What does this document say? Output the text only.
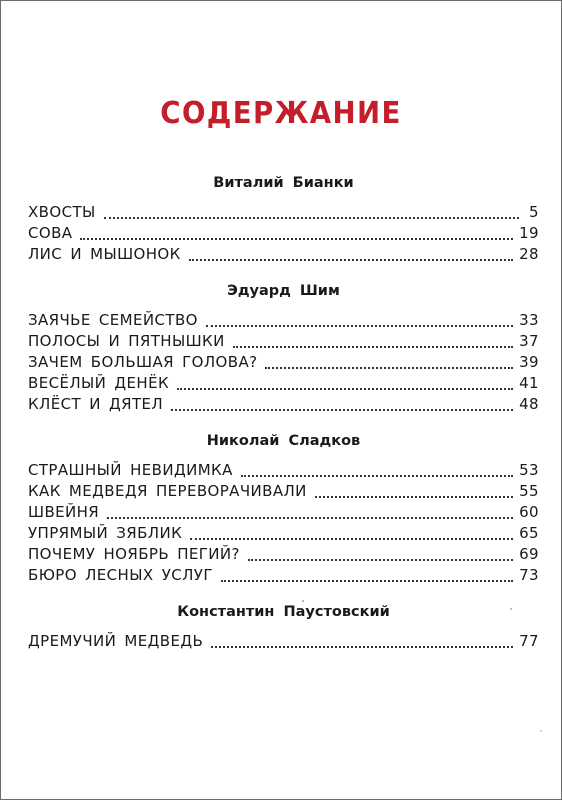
СОДЕРЖАНИЕ
Виталий Бианки
ХВОСТЫ	5
СОВА	19
ЛИС И МЫШОНОК	28
Эдуард Шим
ЗАЯЧЬЕ СЕМЕЙСТВО	33
ПОЛОСЫ И ПЯТНЫШКИ	37
ЗАЧЕМ БОЛЬШАЯ ГОЛОВА?	39
ВЕСЁЛЫЙ ДЕНЁК	41
КЛЁСТ И ДЯТЕЛ	48
Николай Сладков
СТРАШНЫЙ НЕВИДИМКА	53
КАК МЕДВЕДЯ ПЕРЕВОРАЧИВАЛИ	55
ШВЕЙНЯ	60
УПРЯМЫЙ ЗЯБЛИК	65
ПОЧЕМУ НОЯБРЬ ПЕГИЙ?	69
БЮРО ЛЕСНЫХ УСЛУГ	73
Константин Паустовский
ДРЕМУЧИЙ МЕДВЕДЬ	77
